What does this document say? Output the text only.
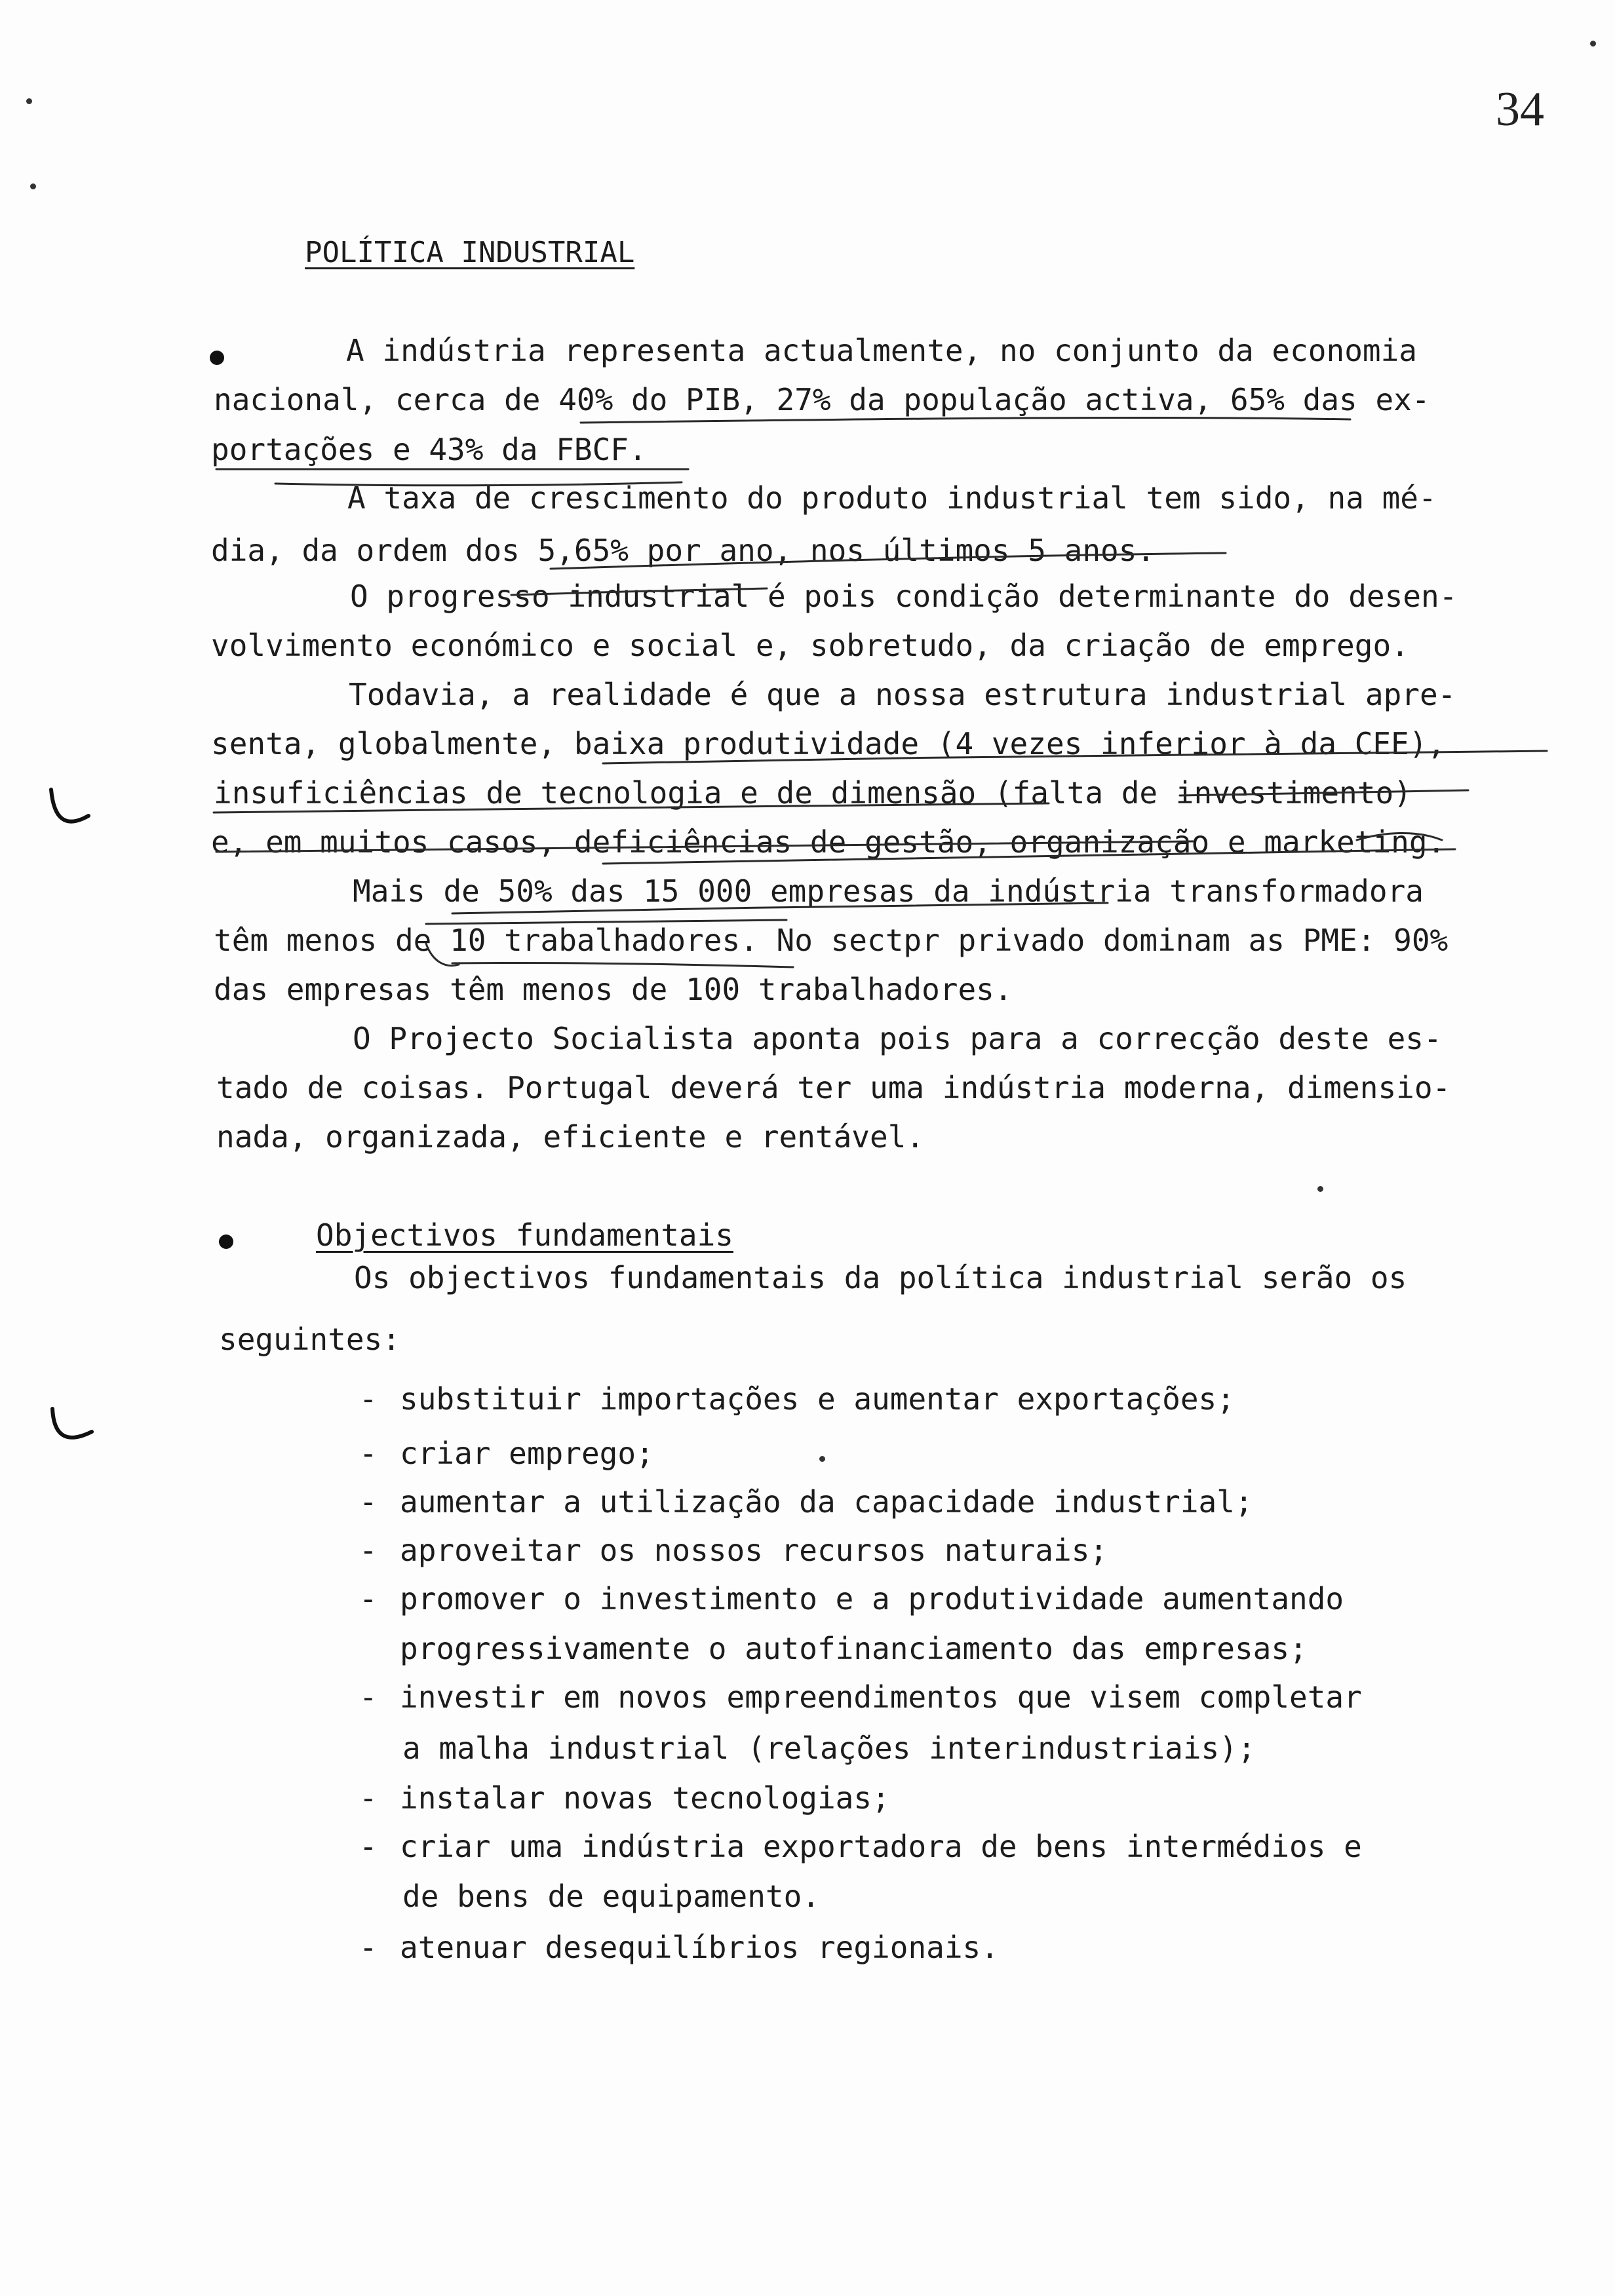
34
POLÍTICA INDUSTRIAL
A indústria representa actualmente, no conjunto da economia
nacional, cerca de 40% do PIB, 27% da população activa, 65% das ex-
portações e 43% da FBCF.
A taxa de crescimento do produto industrial tem sido, na mé-
dia, da ordem dos 5,65% por ano, nos últimos 5 anos.
O progresso industrial é pois condição determinante do desen-
volvimento económico e social e, sobretudo, da criação de emprego.
Todavia, a realidade é que a nossa estrutura industrial apre-
senta, globalmente, baixa produtividade (4 vezes inferior à da CEE),
insuficiências de tecnologia e de dimensão (falta de investimento)
e, em muitos casos, deficiências de gestão, organização e marketing.
Mais de 50% das 15 000 empresas da indústria transformadora
têm menos de 10 trabalhadores. No sectpr privado dominam as PME: 90%
das empresas têm menos de 100 trabalhadores.
O Projecto Socialista aponta pois para a correcção deste es-
tado de coisas. Portugal deverá ter uma indústria moderna, dimensio-
nada, organizada, eficiente e rentável.
Objectivos fundamentais
Os objectivos fundamentais da política industrial serão os
seguintes:
- substituir importações e aumentar exportações;
- criar emprego;
- aumentar a utilização da capacidade industrial;
- aproveitar os nossos recursos naturais;
- promover o investimento e a produtividade aumentando
progressivamente o autofinanciamento das empresas;
- investir em novos empreendimentos que visem completar
a malha industrial (relações interindustriais);
- instalar novas tecnologias;
- criar uma indústria exportadora de bens intermédios e
de bens de equipamento.
- atenuar desequilíbrios regionais.
